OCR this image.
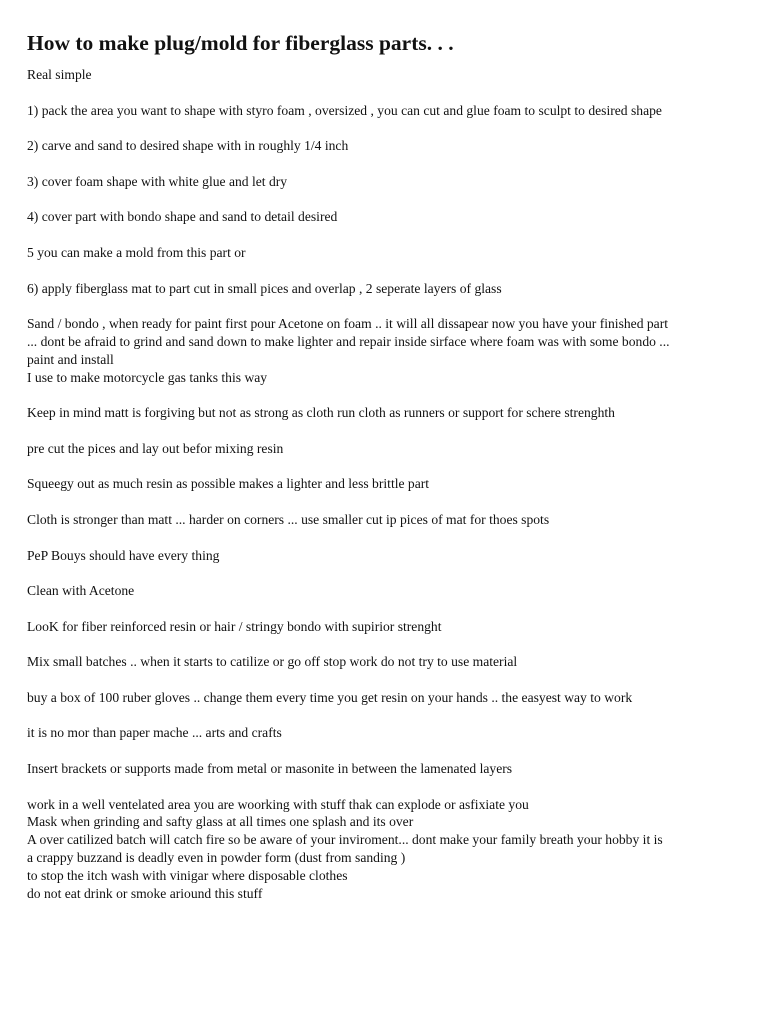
How to make plug/mold for fiberglass parts. . .
Real simple
1) pack the area you want to shape with styro foam , oversized , you can cut and glue foam to sculpt to desired shape
2) carve and sand to desired shape with in roughly 1/4 inch
3) cover foam shape with white glue and let dry
4) cover part with bondo shape and sand to detail desired
5 you can make a mold from this part or
6) apply fiberglass mat to part cut in small pices and overlap , 2 seperate layers of glass
Sand / bondo , when ready for paint first pour Acetone on foam .. it will all dissapear now you have your finished part
... dont be afraid to grind and sand down to make lighter and repair inside sirface where foam was with some bondo ...
paint and install
I use to make motorcycle gas tanks this way
Keep in mind matt is forgiving but not as strong as cloth run cloth as runners or support for schere strenghth
pre cut the pices and lay out befor mixing resin
Squeegy out as much resin as possible makes a lighter and less brittle part
Cloth is stronger than matt ... harder on corners ... use smaller cut ip pices of mat for thoes spots
PeP Bouys should have every thing
Clean with Acetone
LooK for fiber reinforced resin or hair / stringy bondo with supirior strenght
Mix small batches .. when it starts to catilize or go off stop work do not try to use material
buy a box of 100 ruber gloves .. change them every time you get resin on your hands .. the easyest way to work
it is no mor than paper mache ... arts and crafts
Insert brackets or supports made from metal or masonite in between the lamenated layers
work in a well ventelated area you are woorking with stuff thak can explode or asfixiate you
Mask when grinding and safty glass at all times one splash and its over
A over catilized batch will catch fire so be aware of your inviroment... dont make your family breath your hobby it is
a crappy buzzand is deadly even in powder form (dust from sanding )
to stop the itch wash with vinigar where disposable clothes
do not eat drink or smoke ariound this stuff
